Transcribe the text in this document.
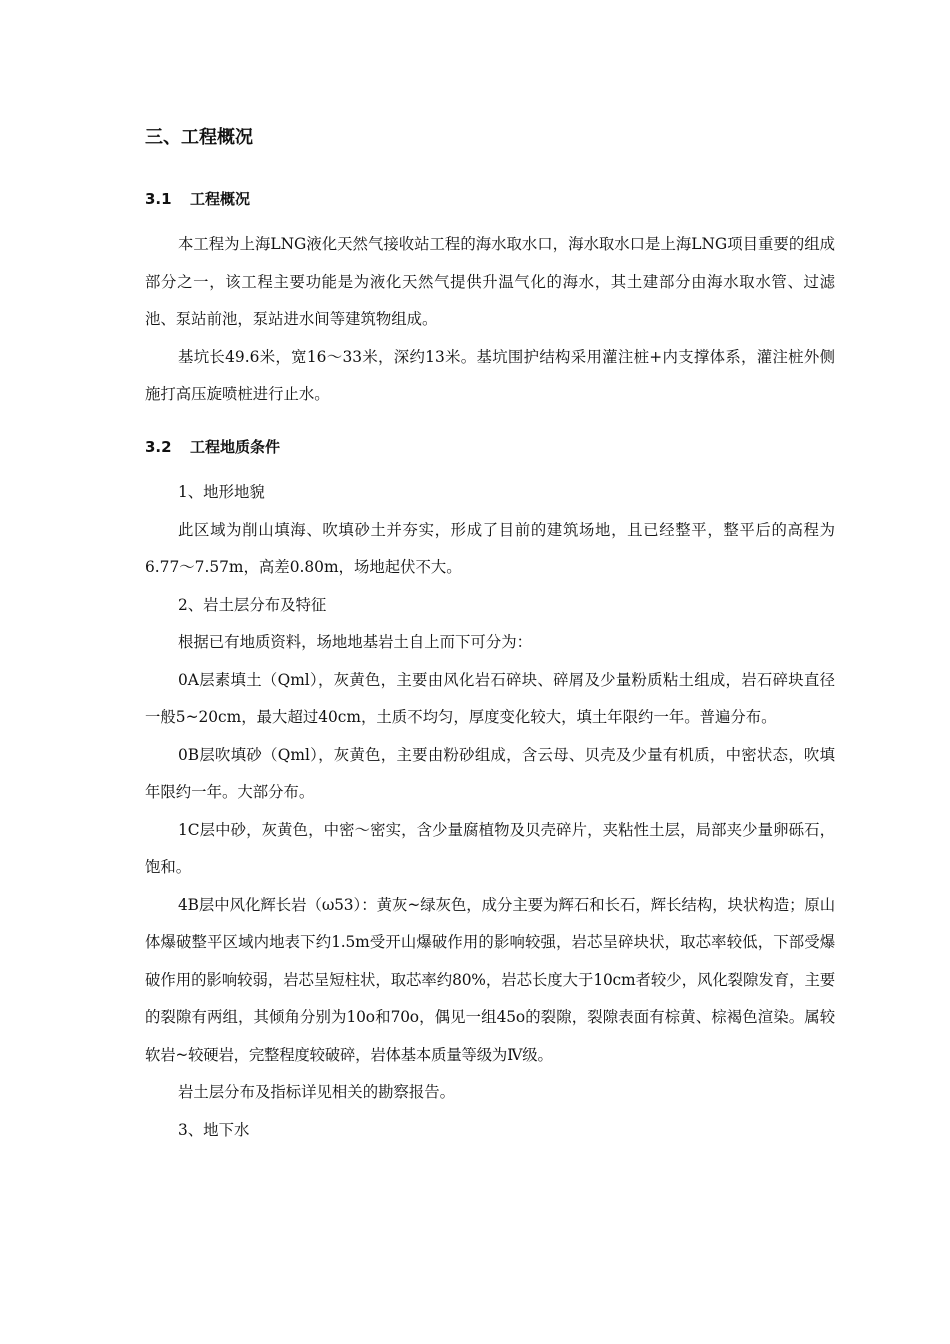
三、工程概况
3.1 工程概况

本工程为上海LNG液化天然气接收站工程的海水取水口，海水取水口是上海LNG项目重要的组成部分之一，该工程主要功能是为液化天然气提供升温气化的海水，其土建部分由海水取水管、过滤池、泵站前池，泵站进水间等建筑物组成。

基坑长49.6米，宽16～33米，深约13米。基坑围护结构采用灌注桩+内支撑体系，灌注桩外侧施打高压旋喷桩进行止水。

3.2 工程地质条件

1、地形地貌

此区域为削山填海、吹填砂土并夯实，形成了目前的建筑场地，且已经整平，整平后的高程为6.77～7.57m，高差0.80m，场地起伏不大。

2、岩土层分布及特征

根据已有地质资料，场地地基岩土自上而下可分为：

0A层素填土（Qml），灰黄色，主要由风化岩石碎块、碎屑及少量粉质粘土组成，岩石碎块直径一般5~20cm，最大超过40cm，土质不均匀，厚度变化较大，填土年限约一年。普遍分布。

0B层吹填砂（Qml），灰黄色，主要由粉砂组成，含云母、贝壳及少量有机质，中密状态，吹填年限约一年。大部分布。

1C层中砂，灰黄色，中密～密实，含少量腐植物及贝壳碎片，夹粘性土层，局部夹少量卵砾石，饱和。

4B层中风化辉长岩（ω53）：黄灰~绿灰色，成分主要为辉石和长石，辉长结构，块状构造；原山体爆破整平区域内地表下约1.5m受开山爆破作用的影响较强，岩芯呈碎块状，取芯率较低，下部受爆破作用的影响较弱，岩芯呈短柱状，取芯率约80%，岩芯长度大于10cm者较少，风化裂隙发育，主要的裂隙有两组，其倾角分别为10o和70o，偶见一组45o的裂隙，裂隙表面有棕黄、棕褐色渲染。属较软岩~较硬岩，完整程度较破碎，岩体基本质量等级为Ⅳ级。

岩土层分布及指标详见相关的勘察报告。

3、地下水
